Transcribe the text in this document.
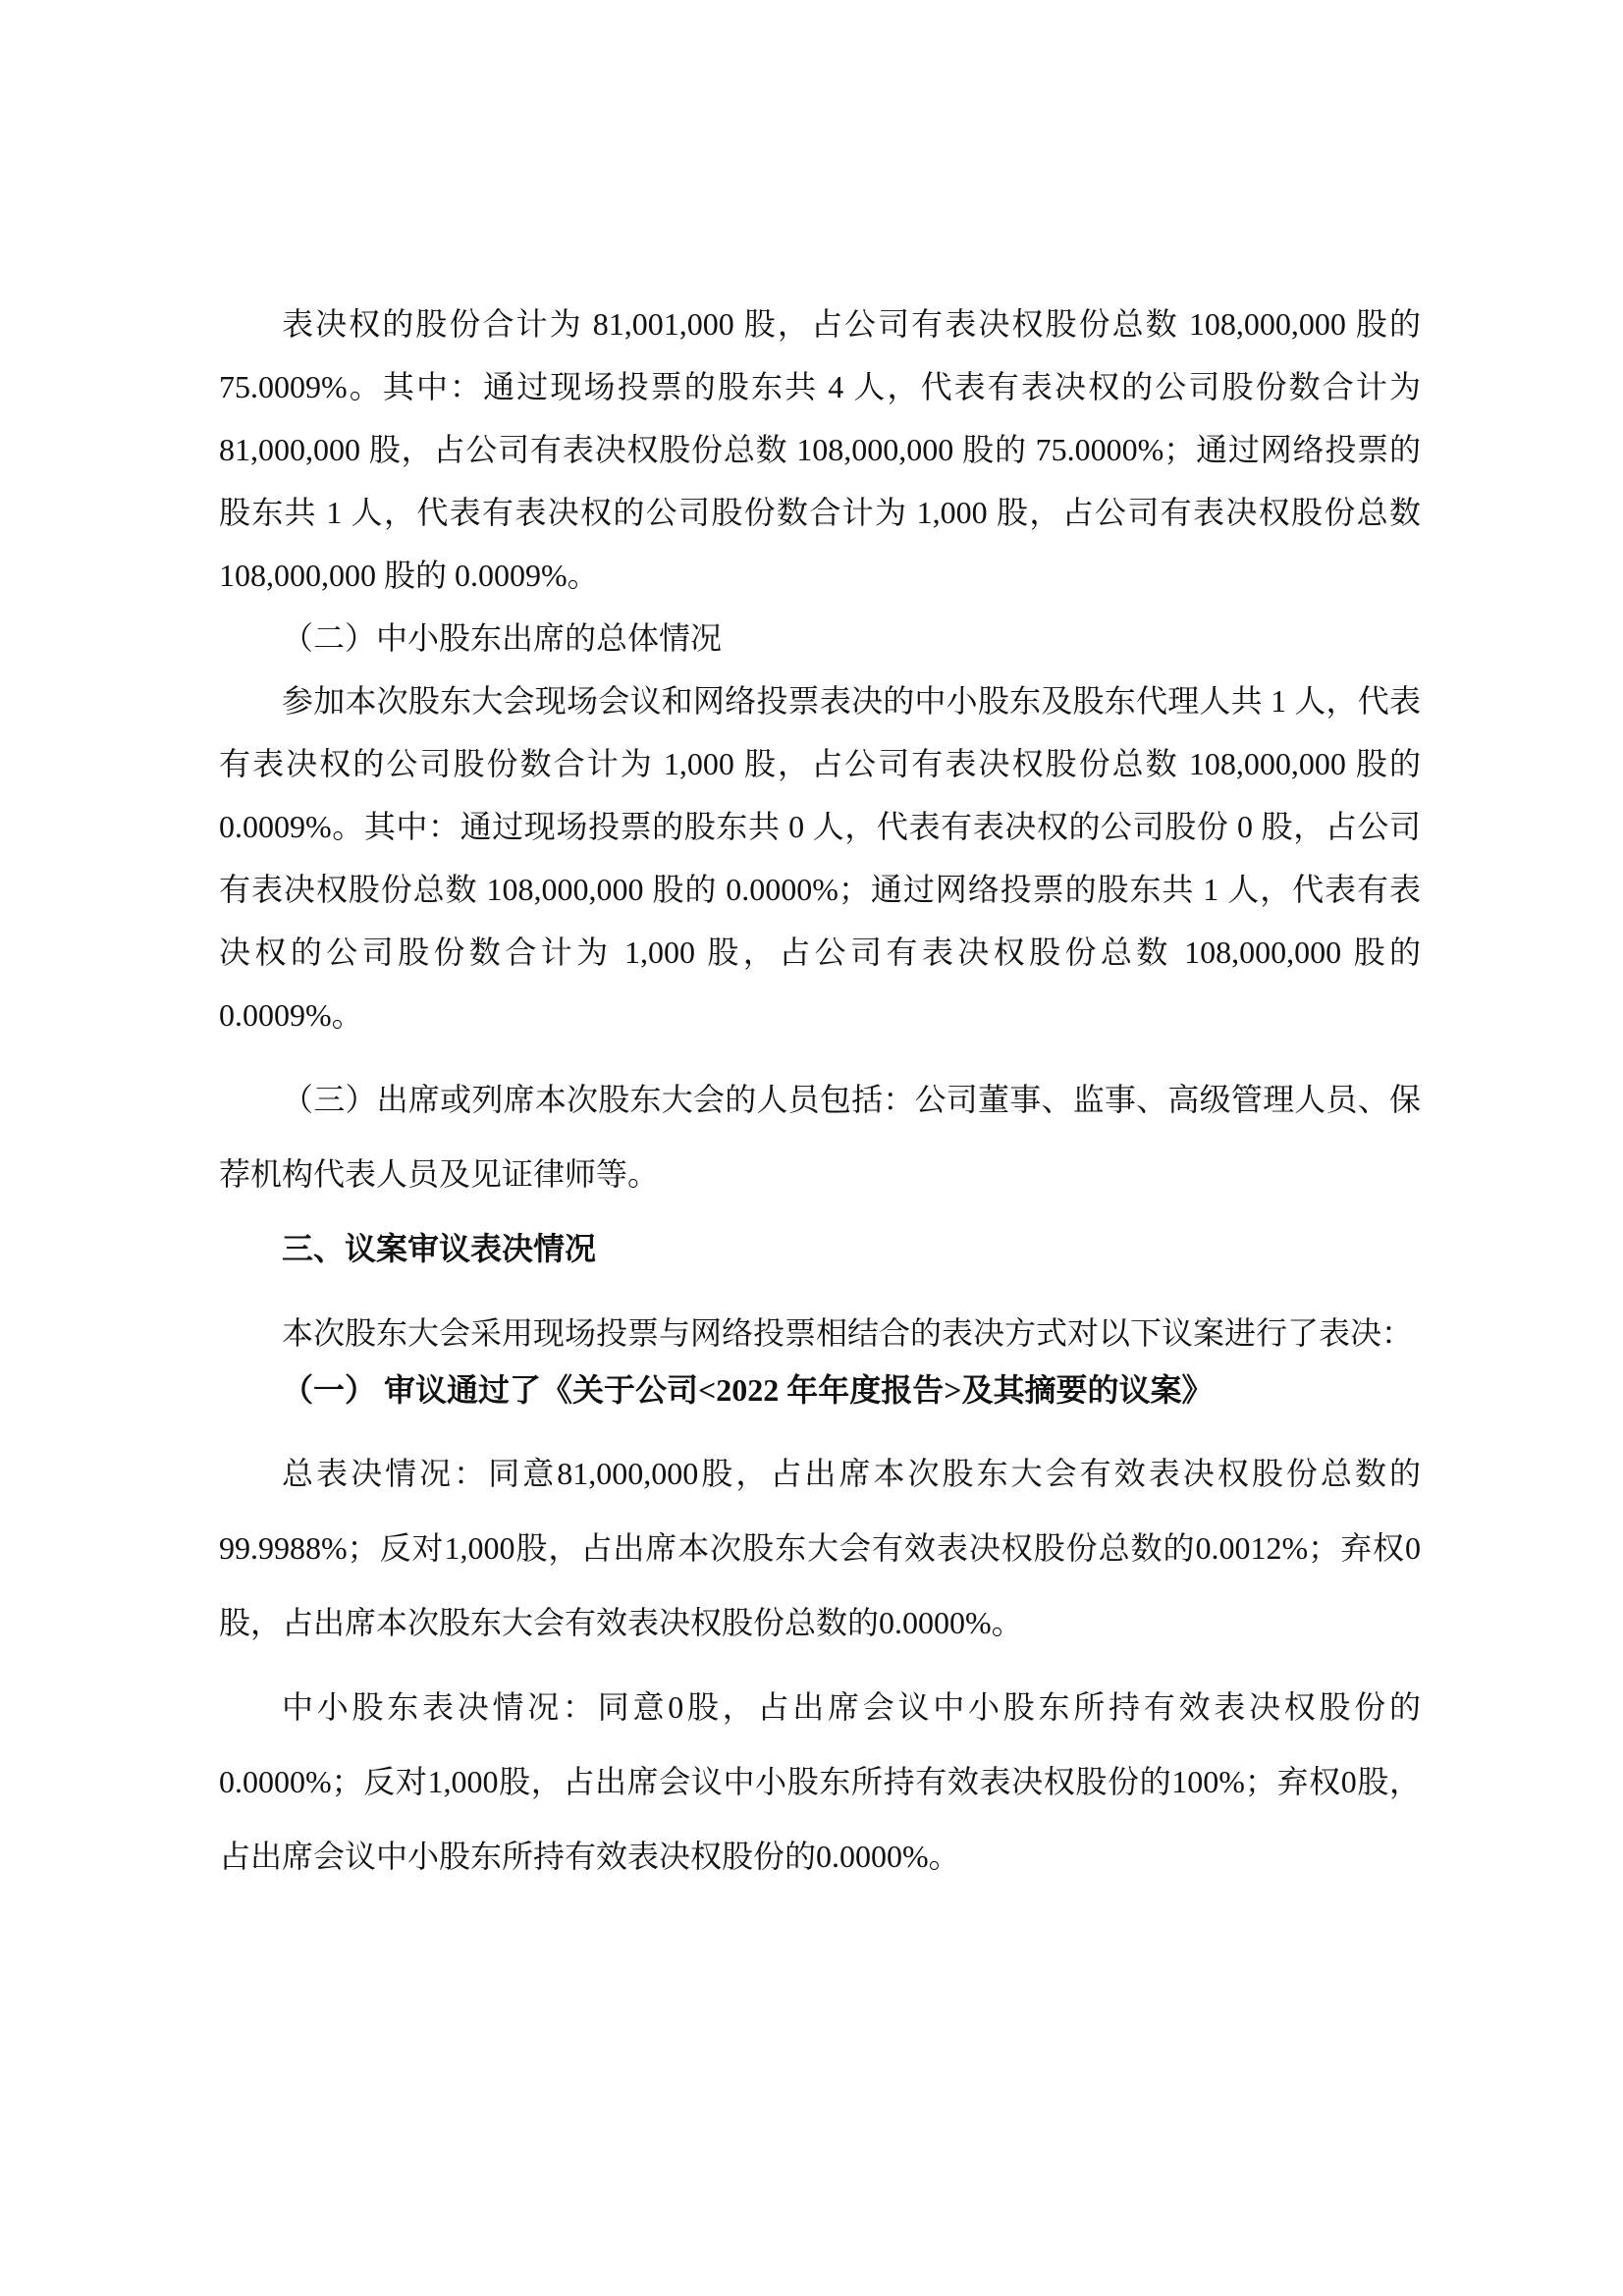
表决权的股份合计为 81,001,000 股，占公司有表决权股份总数 108,000,000 股的 75.0009%。其中：通过现场投票的股东共 4 人，代表有表决权的公司股份数合计为 81,000,000 股，占公司有表决权股份总数 108,000,000 股的 75.0000%；通过网络投票的股东共 1 人，代表有表决权的公司股份数合计为 1,000 股，占公司有表决权股份总数 108,000,000 股的 0.0009%。

（二）中小股东出席的总体情况

参加本次股东大会现场会议和网络投票表决的中小股东及股东代理人共 1 人，代表有表决权的公司股份数合计为 1,000 股，占公司有表决权股份总数 108,000,000 股的 0.0009%。其中：通过现场投票的股东共 0 人，代表有表决权的公司股份 0 股，占公司有表决权股份总数 108,000,000 股的 0.0000%；通过网络投票的股东共 1 人，代表有表决权的公司股份数合计为 1,000 股，占公司有表决权股份总数 108,000,000 股的 0.0009%。

（三）出席或列席本次股东大会的人员包括：公司董事、监事、高级管理人员、保荐机构代表人员及见证律师等。

三、议案审议表决情况

本次股东大会采用现场投票与网络投票相结合的表决方式对以下议案进行了表决：

（一） 审议通过了《关于公司<2022 年年度报告>及其摘要的议案》

总表决情况：同意81,000,000股，占出席本次股东大会有效表决权股份总数的99.9988%；反对1,000股，占出席本次股东大会有效表决权股份总数的0.0012%；弃权0股，占出席本次股东大会有效表决权股份总数的0.0000%。

中小股东表决情况：同意0股，占出席会议中小股东所持有效表决权股份的0.0000%；反对1,000股，占出席会议中小股东所持有效表决权股份的100%；弃权0股，占出席会议中小股东所持有效表决权股份的0.0000%。
